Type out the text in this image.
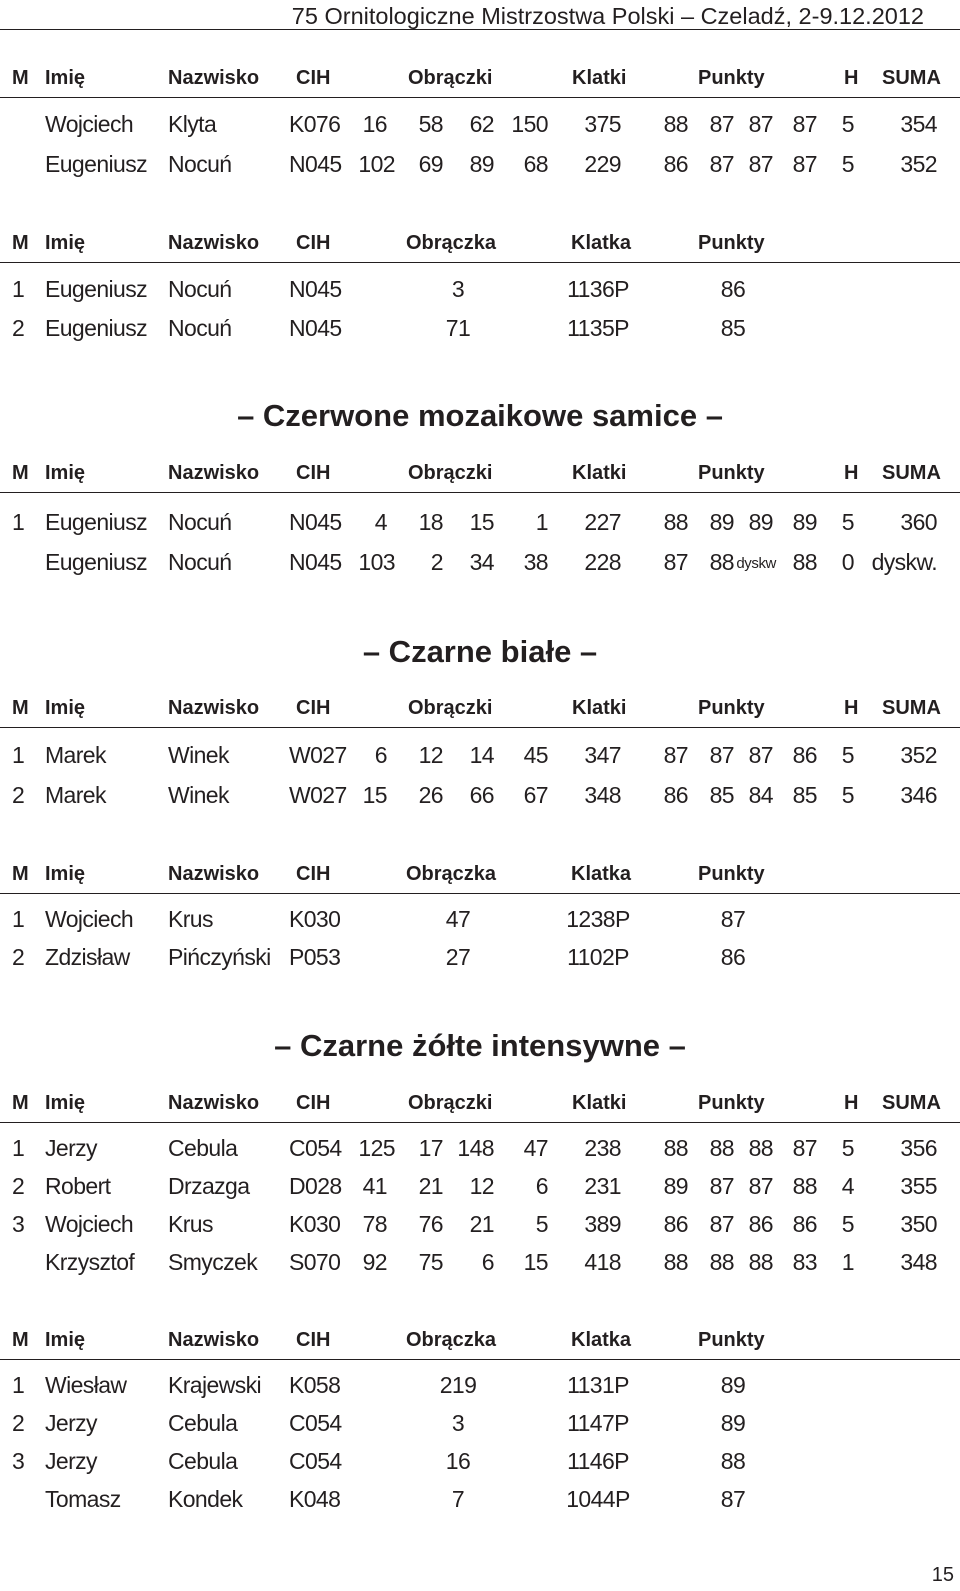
75 Ornitologiczne Mistrzostwa Polski – Czeladź, 2-9.12.2012
M Imię	Nazwisko CIH	Obrączki	Klatki	Punkty	H SUMA
Wojciech Klyta	K076 16 58 62 150 375 88 87 87 87 5 354
Eugeniusz Nocuń	N045 102 69 89 68 229 86 87 87 87 5 352
M Imię	Nazwisko CIH	Obrączka	Klatka	Punkty
1 Eugeniusz Nocuń	N045	3	1136P	86
2 Eugeniusz Nocuń	N045	71	1135P	85
– Czerwone mozaikowe samice –
M Imię	Nazwisko CIH	Obrączki	Klatki	Punkty	H SUMA
1 Eugeniusz Nocuń	N045 4 18 15 1 227 88 89 89 89 5 360
Eugeniusz Nocuń	N045 103 2 34 38 228 87 88 dyskw 88 0 dyskw.
– Czarne białe –
M Imię	Nazwisko CIH	Obrączki	Klatki	Punkty	H SUMA
1 Marek	Winek	W027 6 12 14 45 347 87 87 87 86 5 352
2 Marek	Winek	W027 15 26 66 67 348 86 85 84 85 5 346
M Imię	Nazwisko CIH	Obrączka	Klatka	Punkty
1 Wojciech Krus	K030	47	1238P	87
2 Zdzisław Pińczyński P053	27	1102P	86
– Czarne żółte intensywne –
M Imię	Nazwisko CIH	Obrączki	Klatki	Punkty	H SUMA
1 Jerzy	Cebula C054 125 17 148 47 238 88 88 88 87 5 356
2 Robert	Drzazga D028 41 21 12 6 231 89 87 87 88 4 355
3 Wojciech Krus	K030 78 76 21 5 389 86 87 86 86 5 350
Krzysztof Smyczek S070 92 75 6 15 418 88 88 88 83 1 348
M Imię	Nazwisko CIH	Obrączka	Klatka	Punkty
1 Wiesław Krajewski K058	219	1131P	89
2 Jerzy	Cebula C054	3	1147P	89
3 Jerzy	Cebula C054	16	1146P	88
Tomasz Kondek K048	7	1044P	87
15
